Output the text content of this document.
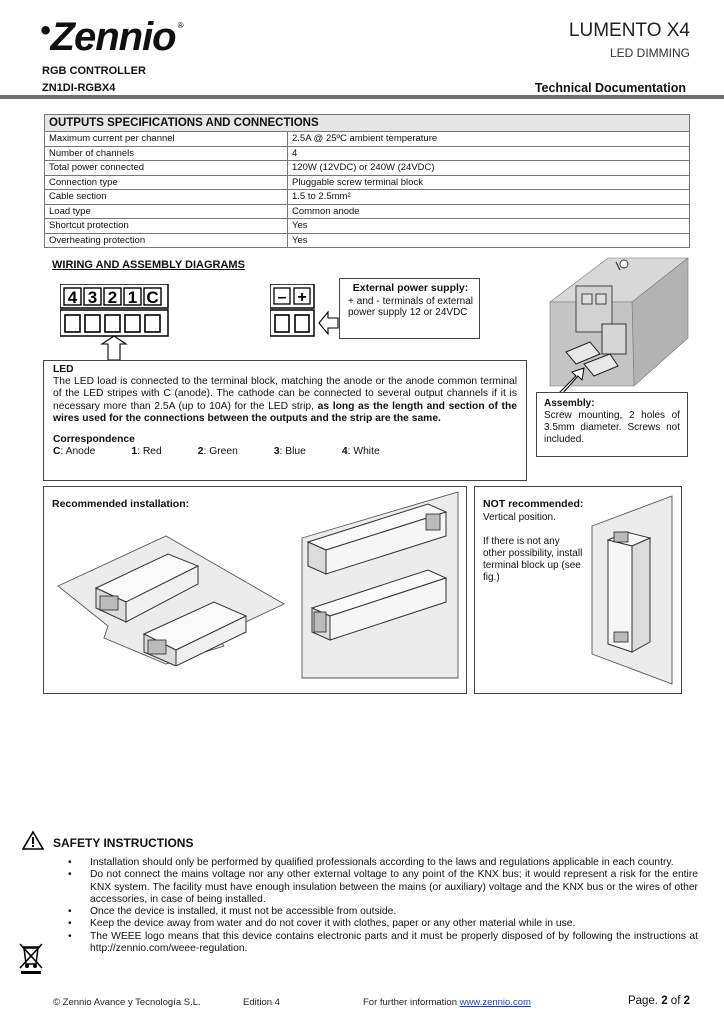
•Zennio ®	LUMENTO X4
LED DIMMING
RGB CONTROLLER
ZN1DI-RGBX4	Technical Documentation
OUTPUTS SPECIFICATIONS AND CONNECTIONS	
Maximum current per channel	2.5A @ 25ºC ambient temperature
Number of channels	4
Total power connected	120W (12VDC) or 240W (24VDC)
Connection type	Pluggable screw terminal block
Cable section	1.5 to 2.5mm²
Load type	Common anode
Shortcut protection	Yes
Overheating protection	Yes
WIRING AND ASSEMBLY DIAGRAMS
4 3 2 1 C	– +
External power supply:
+ and - terminals of external power supply 12 or 24VDC
LED
The LED load is connected to the terminal block, matching the anode or the anode common terminal of the LED stripes with C (anode). The cathode can be connected to several output channels if it is necessary more than 2.5A (up to 10A) for the LED strip, as long as the length and section of the wires used for the connections between the outputs and the strip are the same.
Correspondence
C: Anode	1: Red	2: Green	3: Blue	4: White
Assembly:
Screw mounting, 2 holes of 3.5mm diameter. Screws not included.
Recommended installation:	NOT recommended:
Vertical position.
If there is not any other possibility, install terminal block up (see fig.)
SAFETY INSTRUCTIONS
• Installation should only be performed by qualified professionals according to the laws and regulations applicable in each country.
• Do not connect the mains voltage nor any other external voltage to any point of the KNX bus; it would represent a risk for the entire KNX system. The facility must have enough insulation between the mains (or auxiliary) voltage and the KNX bus or the wires of other accessories, in case of being installed.
• Once the device is installed, it must not be accessible from outside.
• Keep the device away from water and do not cover it with clothes, paper or any other material while in use.
• The WEEE logo means that this device contains electronic parts and it must be properly disposed of by following the instructions at http://zennio.com/weee-regulation.
© Zennio Avance y Tecnología S.L.	Edition 4	For further information www.zennio.com	Page. 2 of 2
